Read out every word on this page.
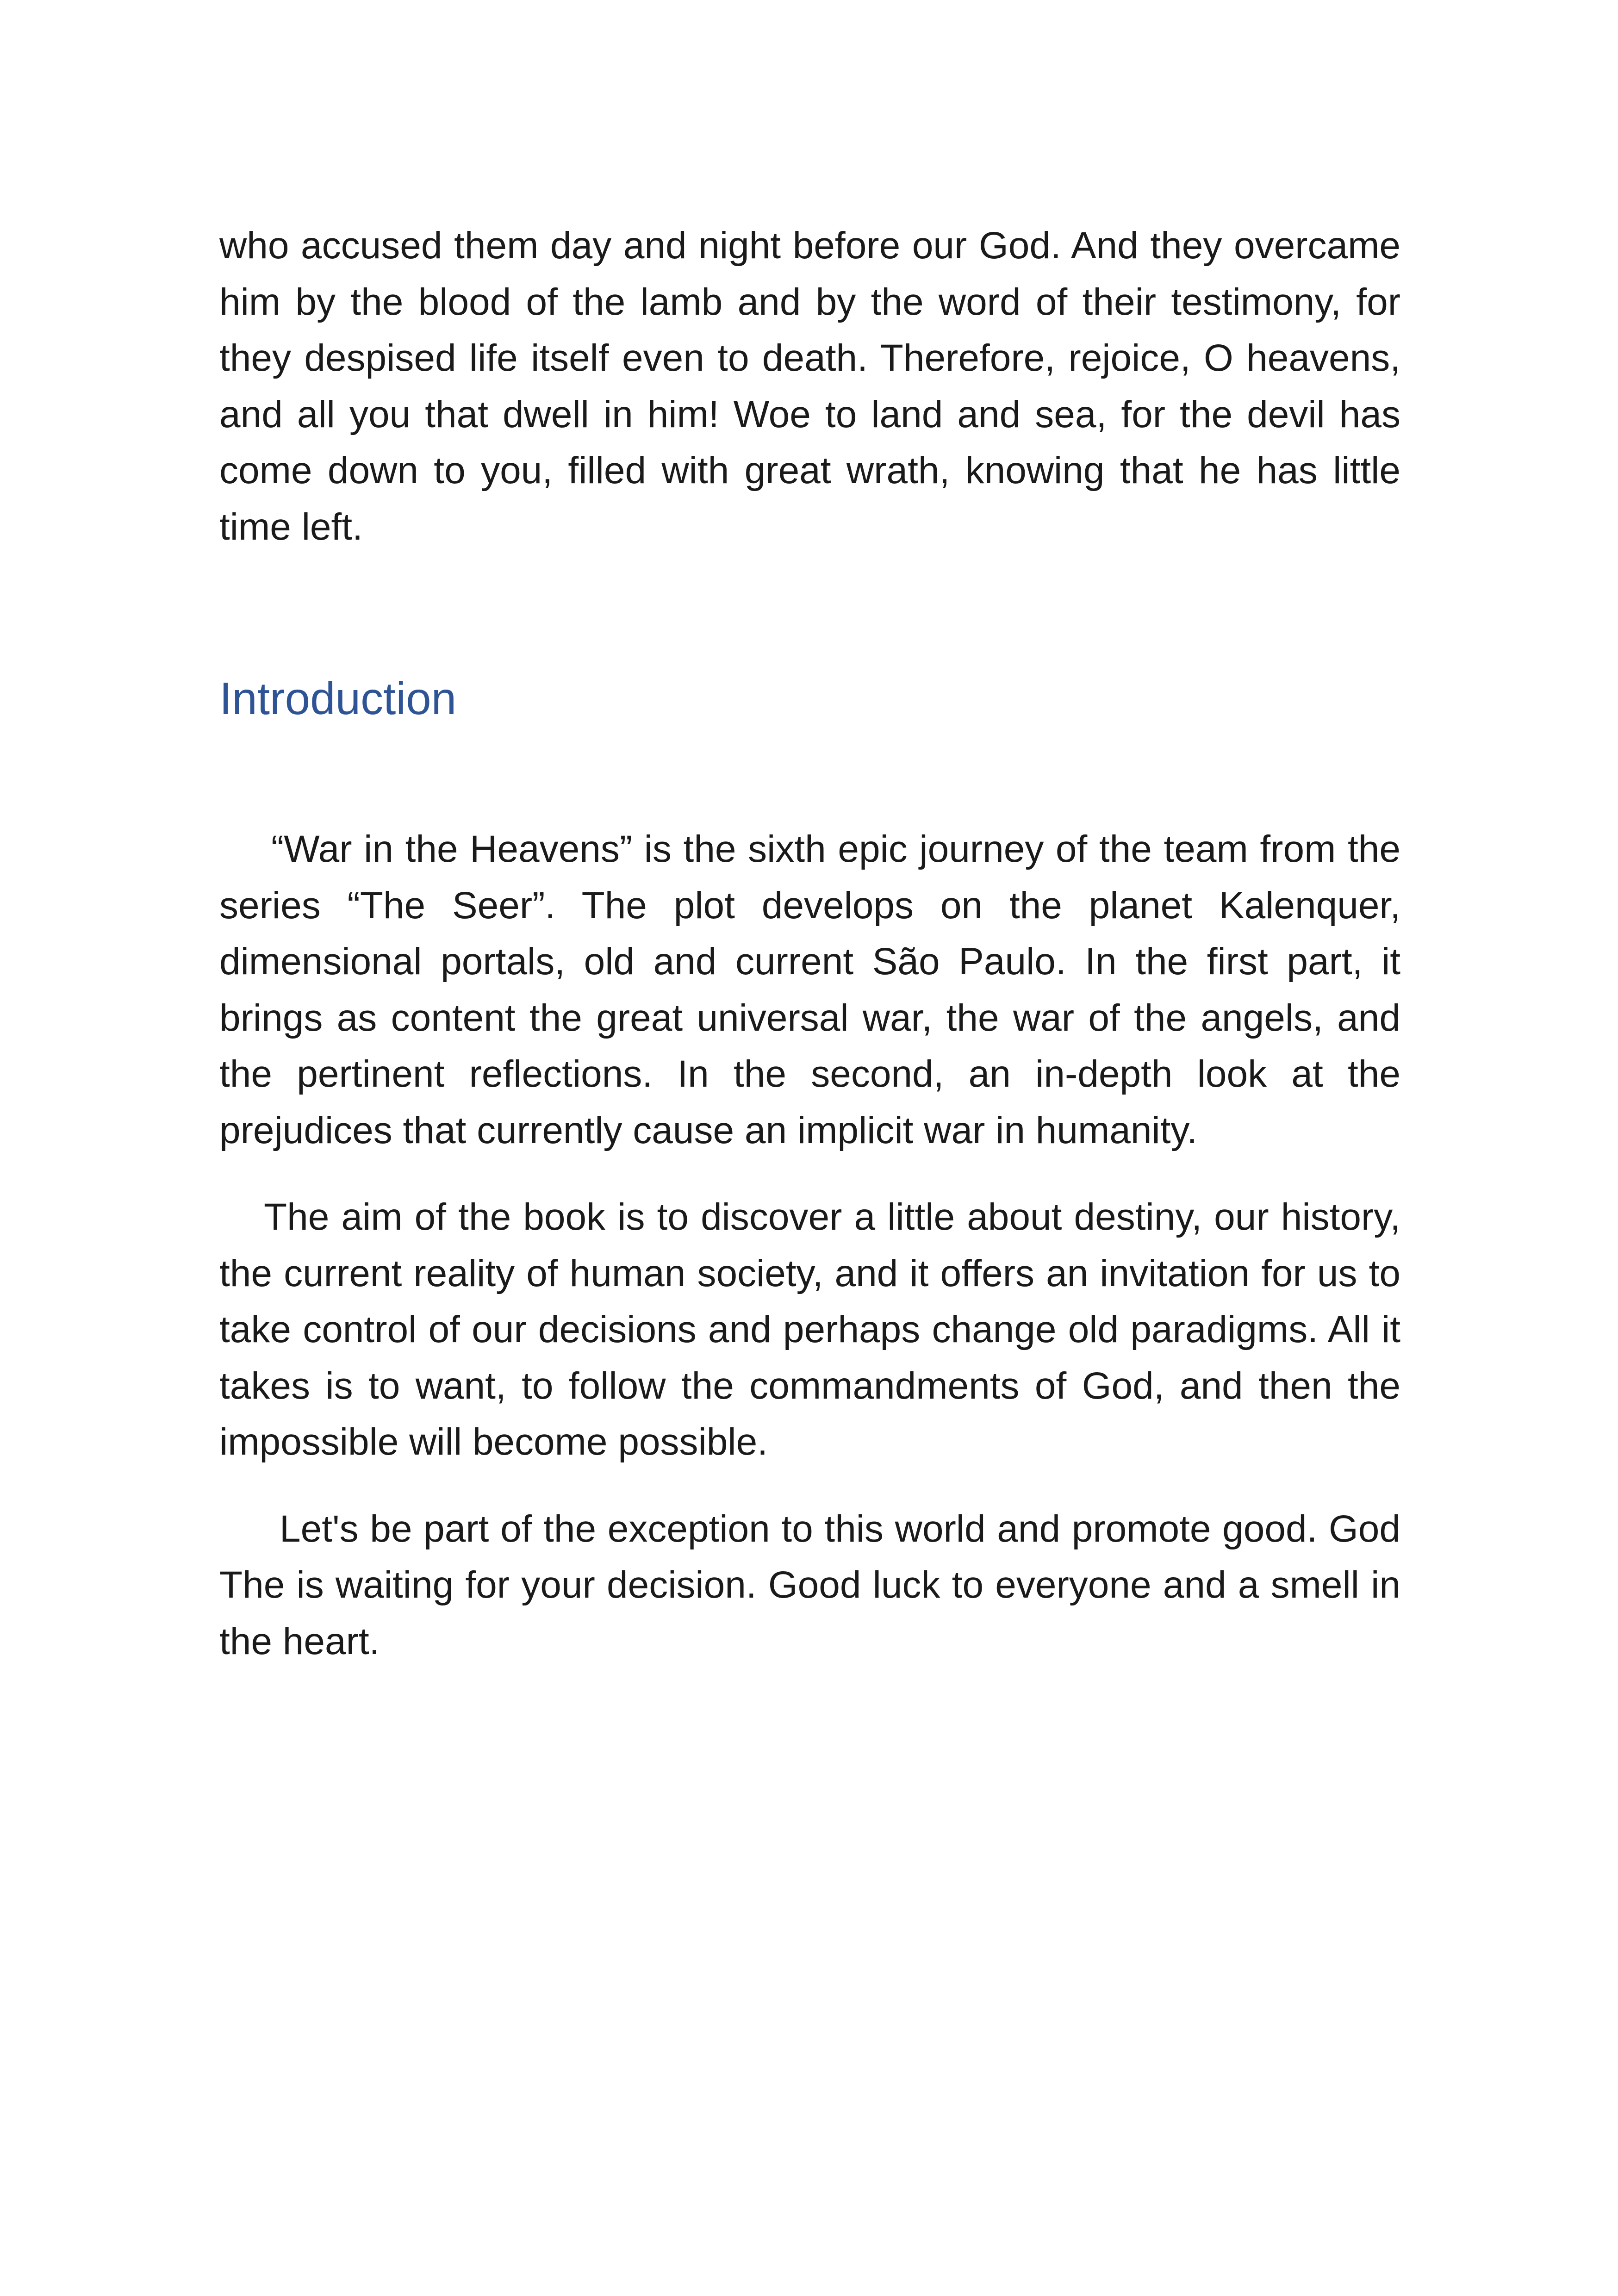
who accused them day and night before our God. And they overcame him by the blood of the lamb and by the word of their testimony, for they despised life itself even to death. Therefore, rejoice, O heavens, and all you that dwell in him! Woe to land and sea, for the devil has come down to you, filled with great wrath, knowing that he has little time left.

Introduction

“War in the Heavens” is the sixth epic journey of the team from the series “The Seer”. The plot develops on the planet Kalenquer, dimensional portals, old and current São Paulo. In the first part, it brings as content the great universal war, the war of the angels, and the pertinent reflections. In the second, an in-depth look at the prejudices that currently cause an implicit war in humanity.

The aim of the book is to discover a little about destiny, our history, the current reality of human society, and it offers an invitation for us to take control of our decisions and perhaps change old paradigms. All it takes is to want, to follow the commandments of God, and then the impossible will become possible.

Let's be part of the exception to this world and promote good. God The is waiting for your decision. Good luck to everyone and a smell in the heart.
